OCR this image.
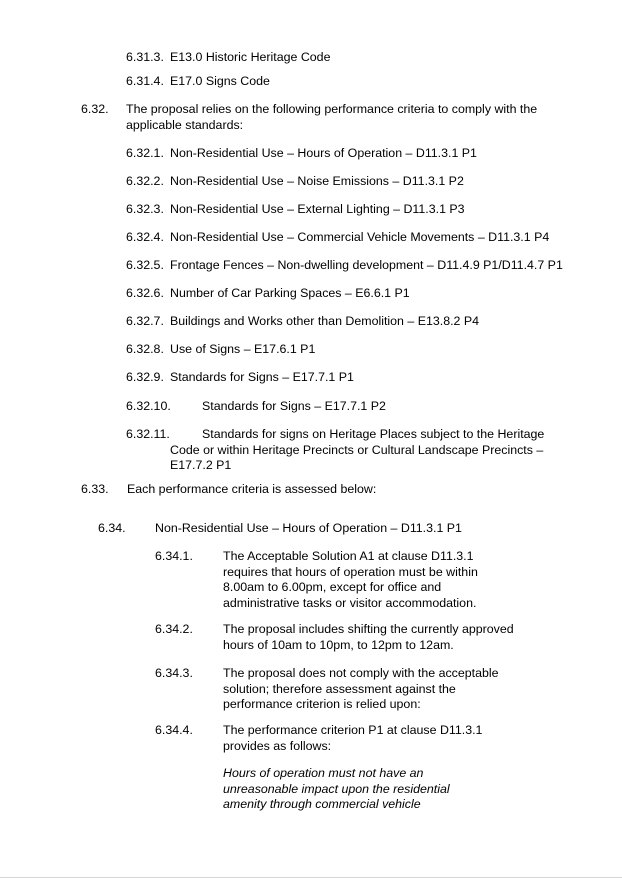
6.31.3. E13.0 Historic Heritage Code
6.31.4. E17.0 Signs Code
6.32. The proposal relies on the following performance criteria to comply with the applicable standards:
6.32.1. Non-Residential Use – Hours of Operation – D11.3.1 P1
6.32.2. Non-Residential Use – Noise Emissions – D11.3.1 P2
6.32.3. Non-Residential Use – External Lighting – D11.3.1 P3
6.32.4. Non-Residential Use – Commercial Vehicle Movements – D11.3.1 P4
6.32.5. Frontage Fences – Non-dwelling development – D11.4.9 P1/D11.4.7 P1
6.32.6. Number of Car Parking Spaces – E6.6.1 P1
6.32.7. Buildings and Works other than Demolition – E13.8.2 P4
6.32.8. Use of Signs – E17.6.1 P1
6.32.9. Standards for Signs – E17.7.1 P1
6.32.10.	Standards for Signs – E17.7.1 P2
6.32.11.	Standards for signs on Heritage Places subject to the Heritage Code or within Heritage Precincts or Cultural Landscape Precincts – E17.7.2 P1
6.33. Each performance criteria is assessed below:
6.34. Non-Residential Use – Hours of Operation – D11.3.1 P1
6.34.1. The Acceptable Solution A1 at clause D11.3.1 requires that hours of operation must be within 8.00am to 6.00pm, except for office and administrative tasks or visitor accommodation.
6.34.2. The proposal includes shifting the currently approved hours of 10am to 10pm, to 12pm to 12am.
6.34.3. The proposal does not comply with the acceptable solution; therefore assessment against the performance criterion is relied upon:
6.34.4. The performance criterion P1 at clause D11.3.1 provides as follows:
Hours of operation must not have an unreasonable impact upon the residential amenity through commercial vehicle
